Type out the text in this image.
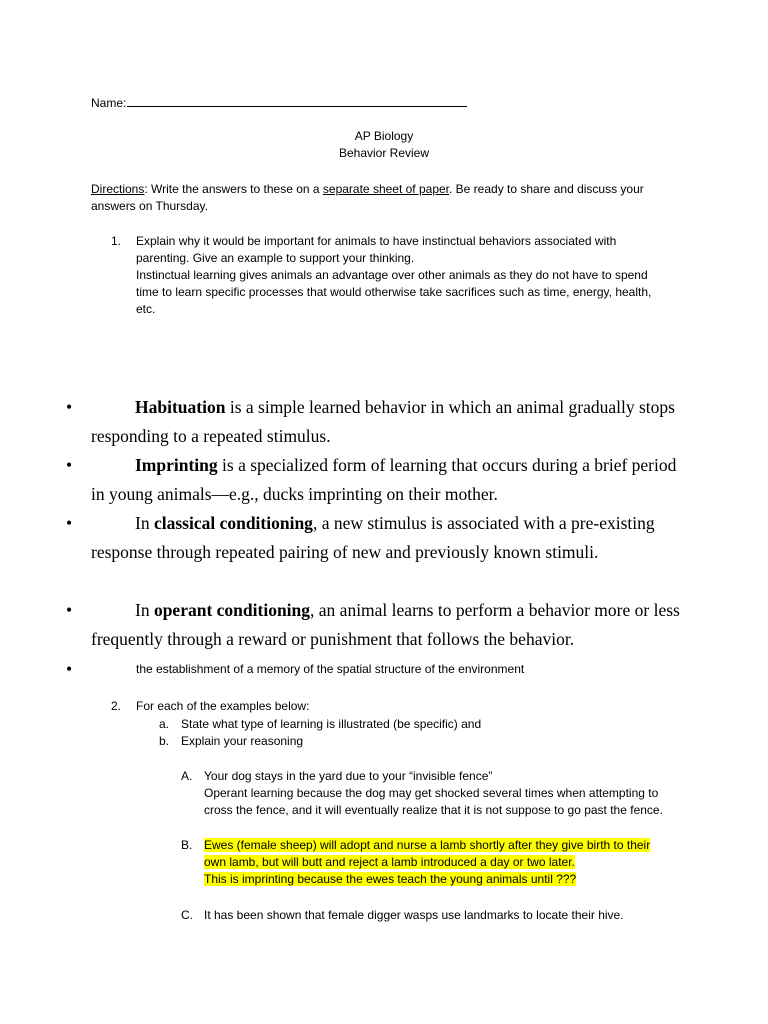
Name:
AP Biology
Behavior Review
Directions: Write the answers to these on a separate sheet of paper. Be ready to share and discuss your answers on Thursday.
1. Explain why it would be important for animals to have instinctual behaviors associated with parenting. Give an example to support your thinking.
Instinctual learning gives animals an advantage over other animals as they do not have to spend time to learn specific processes that would otherwise take sacrifices such as time, energy, health, etc.
•	Habituation is a simple learned behavior in which an animal gradually stops responding to a repeated stimulus.
•	Imprinting is a specialized form of learning that occurs during a brief period in young animals—e.g., ducks imprinting on their mother.
•	In classical conditioning, a new stimulus is associated with a pre-existing response through repeated pairing of new and previously known stimuli.
•	In operant conditioning, an animal learns to perform a behavior more or less frequently through a reward or punishment that follows the behavior.
•	the establishment of a memory of the spatial structure of the environment
2. For each of the examples below:
a. State what type of learning is illustrated (be specific) and
b. Explain your reasoning
A. Your dog stays in the yard due to your “invisible fence”
Operant learning because the dog may get shocked several times when attempting to cross the fence, and it will eventually realize that it is not suppose to go past the fence.
B. Ewes (female sheep) will adopt and nurse a lamb shortly after they give birth to their own lamb, but will butt and reject a lamb introduced a day or two later.
This is imprinting because the ewes teach the young animals until ???
C. It has been shown that female digger wasps use landmarks to locate their hive.
